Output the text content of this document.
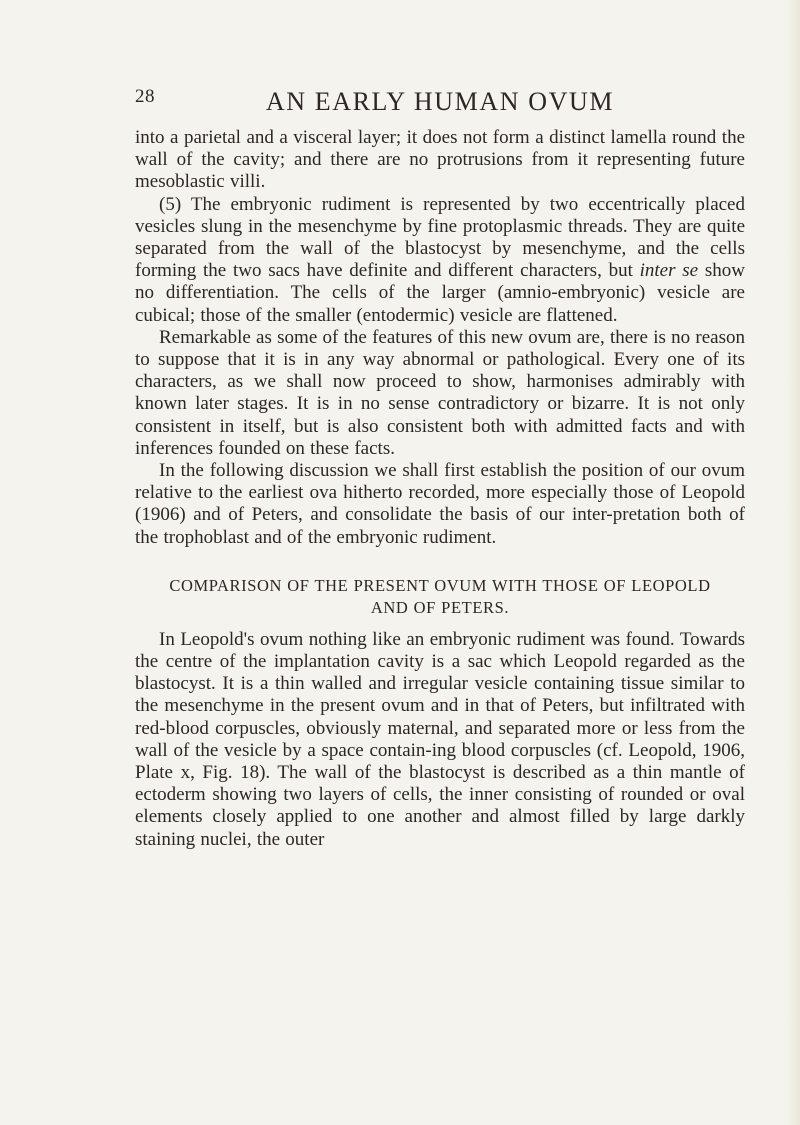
28	AN EARLY HUMAN OVUM

into a parietal and a visceral layer; it does not form a distinct lamella round the wall of the cavity; and there are no protrusions from it representing future mesoblastic villi.

(5) The embryonic rudiment is represented by two eccentrically placed vesicles slung in the mesenchyme by fine protoplasmic threads. They are quite separated from the wall of the blastocyst by mesenchyme, and the cells forming the two sacs have definite and different characters, but inter se show no differentiation. The cells of the larger (amnio-embryonic) vesicle are cubical; those of the smaller (entodermic) vesicle are flattened.

Remarkable as some of the features of this new ovum are, there is no reason to suppose that it is in any way abnormal or pathological. Every one of its characters, as we shall now proceed to show, harmonises admirably with known later stages. It is in no sense contradictory or bizarre. It is not only consistent in itself, but is also consistent both with admitted facts and with inferences founded on these facts.

In the following discussion we shall first establish the position of our ovum relative to the earliest ova hitherto recorded, more especially those of Leopold (1906) and of Peters, and consolidate the basis of our inter-pretation both of the trophoblast and of the embryonic rudiment.

COMPARISON OF THE PRESENT OVUM WITH THOSE OF LEOPOLD
AND OF PETERS.

In Leopold's ovum nothing like an embryonic rudiment was found. Towards the centre of the implantation cavity is a sac which Leopold regarded as the blastocyst. It is a thin walled and irregular vesicle containing tissue similar to the mesenchyme in the present ovum and in that of Peters, but infiltrated with red-blood corpuscles, obviously maternal, and separated more or less from the wall of the vesicle by a space contain-ing blood corpuscles (cf. Leopold, 1906, Plate x, Fig. 18). The wall of the blastocyst is described as a thin mantle of ectoderm showing two layers of cells, the inner consisting of rounded or oval elements closely applied to one another and almost filled by large darkly staining nuclei, the outer
